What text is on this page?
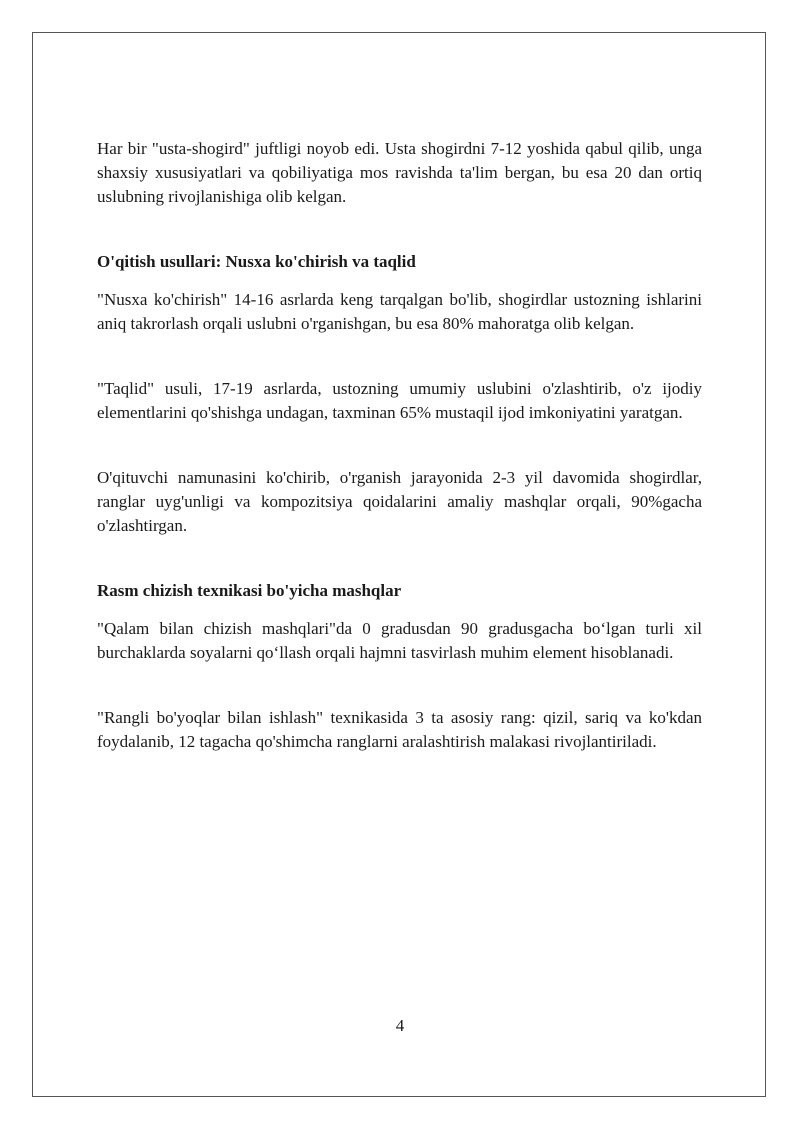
Har bir "usta-shogird" juftligi noyob edi. Usta shogirdni 7-12 yoshida qabul qilib, unga shaxsiy xususiyatlari va qobiliyatiga mos ravishda ta'lim bergan, bu esa 20 dan ortiq uslubning rivojlanishiga olib kelgan.

O'qitish usullari: Nusxa ko'chirish va taqlid

"Nusxa ko'chirish" 14-16 asrlarda keng tarqalgan bo'lib, shogirdlar ustozning ishlarini aniq takrorlash orqali uslubni o'rganishgan, bu esa 80% mahoratga olib kelgan.

"Taqlid" usuli, 17-19 asrlarda, ustozning umumiy uslubini o'zlashtirib, o'z ijodiy elementlarini qo'shishga undagan, taxminan 65% mustaqil ijod imkoniyatini yaratgan.

O'qituvchi namunasini ko'chirib, o'rganish jarayonida 2-3 yil davomida shogirdlar, ranglar uyg'unligi va kompozitsiya qoidalarini amaliy mashqlar orqali, 90%gacha o'zlashtirgan.

Rasm chizish texnikasi bo'yicha mashqlar

"Qalam bilan chizish mashqlari"da 0 gradusdan 90 gradusgacha bo‘lgan turli xil burchaklarda soyalarni qo‘llash orqali hajmni tasvirlash muhim element hisoblanadi.

"Rangli bo'yoqlar bilan ishlash" texnikasida 3 ta asosiy rang: qizil, sariq va ko'kdan foydalanib, 12 tagacha qo'shimcha ranglarni aralashtirish malakasi rivojlantiriladi.

4
